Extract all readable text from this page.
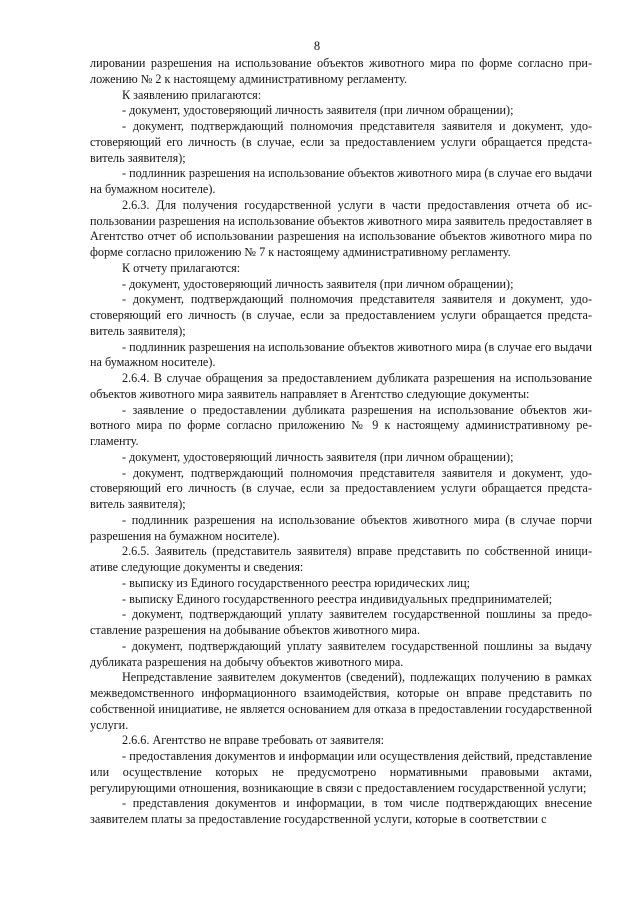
8

лировании разрешения на использование объектов животного мира по форме согласно приложению № 2 к настоящему административному регламенту.

К заявлению прилагаются:

- документ, удостоверяющий личность заявителя (при личном обращении);

- документ, подтверждающий полномочия представителя заявителя и документ, удостоверяющий его личность (в случае, если за предоставлением услуги обращается представитель заявителя);

- подлинник разрешения на использование объектов животного мира (в случае его выдачи на бумажном носителе).

2.6.3. Для получения государственной услуги в части предоставления отчета об использовании разрешения на использование объектов животного мира заявитель предоставляет в Агентство отчет об использовании разрешения на использование объектов животного мира по форме согласно приложению № 7 к настоящему административному регламенту.

К отчету прилагаются:

- документ, удостоверяющий личность заявителя (при личном обращении);

- документ, подтверждающий полномочия представителя заявителя и документ, удостоверяющий его личность (в случае, если за предоставлением услуги обращается представитель заявителя);

- подлинник разрешения на использование объектов животного мира (в случае его выдачи на бумажном носителе).

2.6.4. В случае обращения за предоставлением дубликата разрешения на использование объектов животного мира заявитель направляет в Агентство следующие документы:

- заявление о предоставлении дубликата разрешения на использование объектов животного мира по форме согласно приложению № 9 к настоящему административному регламенту.

- документ, удостоверяющий личность заявителя (при личном обращении);

- документ, подтверждающий полномочия представителя заявителя и документ, удостоверяющий его личность (в случае, если за предоставлением услуги обращается представитель заявителя);

- подлинник разрешения на использование объектов животного мира (в случае порчи разрешения на бумажном носителе).

2.6.5. Заявитель (представитель заявителя) вправе представить по собственной инициативе следующие документы и сведения:

- выписку из Единого государственного реестра юридических лиц;

- выписку Единого государственного реестра индивидуальных предпринимателей;

- документ, подтверждающий уплату заявителем государственной пошлины за предоставление разрешения на добывание объектов животного мира.

- документ, подтверждающий уплату заявителем государственной пошлины за выдачу дубликата разрешения на добычу объектов животного мира.

Непредставление заявителем документов (сведений), подлежащих получению в рамках межведомственного информационного взаимодействия, которые он вправе представить по собственной инициативе, не является основанием для отказа в предоставлении государственной услуги.

2.6.6. Агентство не вправе требовать от заявителя:

- предоставления документов и информации или осуществления действий, представление или осуществление которых не предусмотрено нормативными правовыми актами, регулирующими отношения, возникающие в связи с предоставлением государственной услуги;

- представления документов и информации, в том числе подтверждающих внесение заявителем платы за предоставление государственной услуги, которые в соответствии с
